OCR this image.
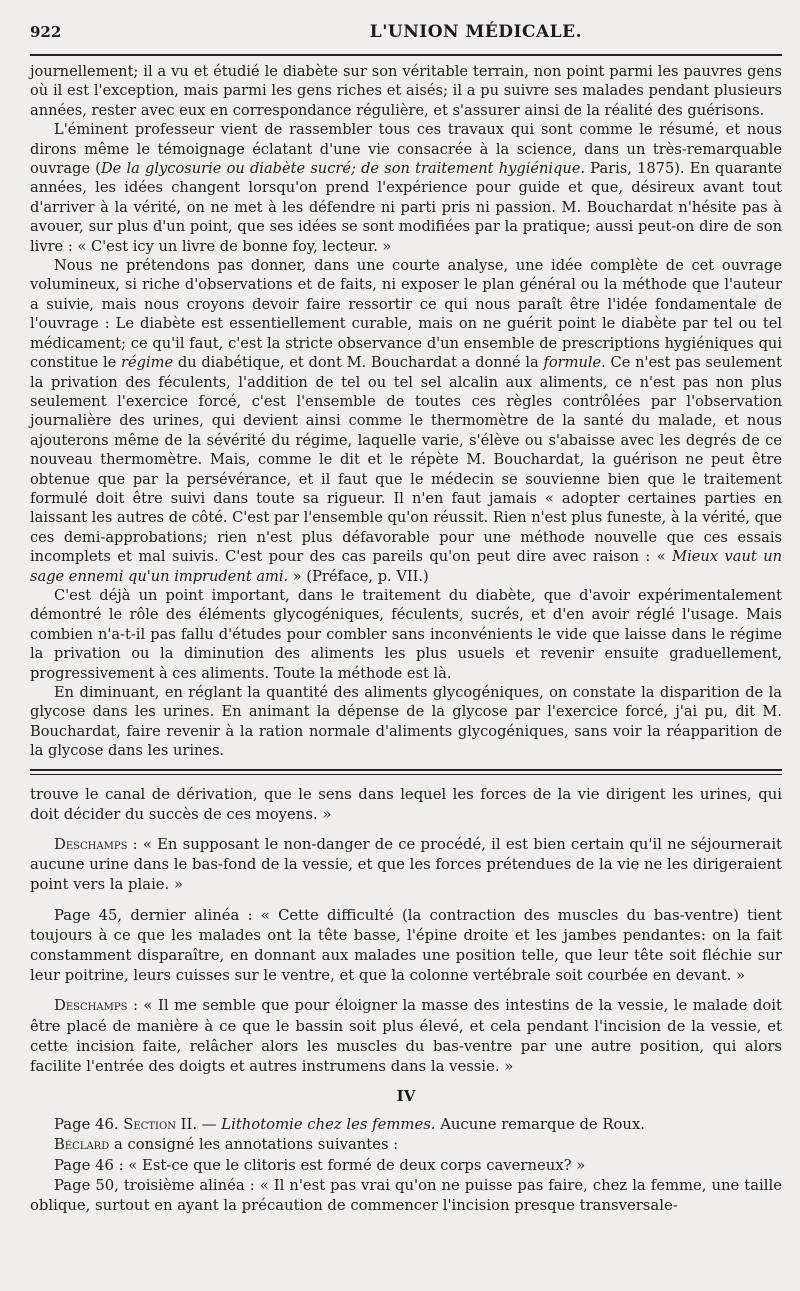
922	L'UNION MÉDICALE.

journellement; il a vu et étudié le diabète sur son véritable terrain, non point parmi les pauvres gens où il est l'exception, mais parmi les gens riches et aisés; il a pu suivre ses malades pendant plusieurs années, rester avec eux en correspondance régulière, et s'assurer ainsi de la réalité des guérisons.

L'éminent professeur vient de rassembler tous ces travaux qui sont comme le résumé, et nous dirons même le témoignage éclatant d'une vie consacrée à la science, dans un très-remarquable ouvrage (De la glycosurie ou diabète sucré; de son traitement hygiénique. Paris, 1875). En quarante années, les idées changent lorsqu'on prend l'expérience pour guide et que, désireux avant tout d'arriver à la vérité, on ne met à les défendre ni parti pris ni passion. M. Bouchardat n'hésite pas à avouer, sur plus d'un point, que ses idées se sont modifiées par la pratique; aussi peut-on dire de son livre : « C'est icy un livre de bonne foy, lecteur. »

Nous ne prétendons pas donner, dans une courte analyse, une idée complète de cet ouvrage volumineux, si riche d'observations et de faits, ni exposer le plan général ou la méthode que l'auteur a suivie, mais nous croyons devoir faire ressortir ce qui nous paraît être l'idée fondamentale de l'ouvrage : Le diabète est essentiellement curable, mais on ne guérit point le diabète par tel ou tel médicament; ce qu'il faut, c'est la stricte observance d'un ensemble de prescriptions hygiéniques qui constitue le régime du diabétique, et dont M. Bouchardat a donné la formule. Ce n'est pas seulement la privation des féculents, l'addition de tel ou tel sel alcalin aux aliments, ce n'est pas non plus seulement l'exercice forcé, c'est l'ensemble de toutes ces règles contrôlées par l'observation journalière des urines, qui devient ainsi comme le thermomètre de la santé du malade, et nous ajouterons même de la sévérité du régime, laquelle varie, s'élève ou s'abaisse avec les degrés de ce nouveau thermomètre. Mais, comme le dit et le répète M. Bouchardat, la guérison ne peut être obtenue que par la persévérance, et il faut que le médecin se souvienne bien que le traitement formulé doit être suivi dans toute sa rigueur. Il n'en faut jamais « adopter certaines parties en laissant les autres de côté. C'est par l'ensemble qu'on réussit. Rien n'est plus funeste, à la vérité, que ces demi-approbations; rien n'est plus défavorable pour une méthode nouvelle que ces essais incomplets et mal suivis. C'est pour des cas pareils qu'on peut dire avec raison : « Mieux vaut un sage ennemi qu'un imprudent ami. » (Préface, p. VII.)

C'est déjà un point important, dans le traitement du diabète, que d'avoir expérimentalement démontré le rôle des éléments glycogéniques, féculents, sucrés, et d'en avoir réglé l'usage. Mais combien n'a-t-il pas fallu d'études pour combler sans inconvénients le vide que laisse dans le régime la privation ou la diminution des aliments les plus usuels et revenir ensuite graduellement, progressivement à ces aliments. Toute la méthode est là.

En diminuant, en réglant la quantité des aliments glycogéniques, on constate la disparition de la glycose dans les urines. En animant la dépense de la glycose par l'exercice forcé, j'ai pu, dit M. Bouchardat, faire revenir à la ration normale d'aliments glycogéniques, sans voir la réapparition de la glycose dans les urines.

trouve le canal de dérivation, que le sens dans lequel les forces de la vie dirigent les urines, qui doit décider du succès de ces moyens. »

Deschamps : « En supposant le non-danger de ce procédé, il est bien certain qu'il ne séjournerait aucune urine dans le bas-fond de la vessie, et que les forces prétendues de la vie ne les dirigeraient point vers la plaie. »

Page 45, dernier alinéa : « Cette difficulté (la contraction des muscles du bas-ventre) tient toujours à ce que les malades ont la tête basse, l'épine droite et les jambes pendantes: on la fait constamment disparaître, en donnant aux malades une position telle, que leur tête soit fléchie sur leur poitrine, leurs cuisses sur le ventre, et que la colonne vertébrale soit courbée en devant. »

Deschamps : « Il me semble que pour éloigner la masse des intestins de la vessie, le malade doit être placé de manière à ce que le bassin soit plus élevé, et cela pendant l'incision de la vessie, et cette incision faite, relâcher alors les muscles du bas-ventre par une autre position, qui alors facilite l'entrée des doigts et autres instrumens dans la vessie. »

IV

Page 46. Section II. — Lithotomie chez les femmes. Aucune remarque de Roux.

Béclard a consigné les annotations suivantes :

Page 46 : « Est-ce que le clitoris est formé de deux corps caverneux? »

Page 50, troisième alinéa : « Il n'est pas vrai qu'on ne puisse pas faire, chez la femme, une taille oblique, surtout en ayant la précaution de commencer l'incision presque transversale-
